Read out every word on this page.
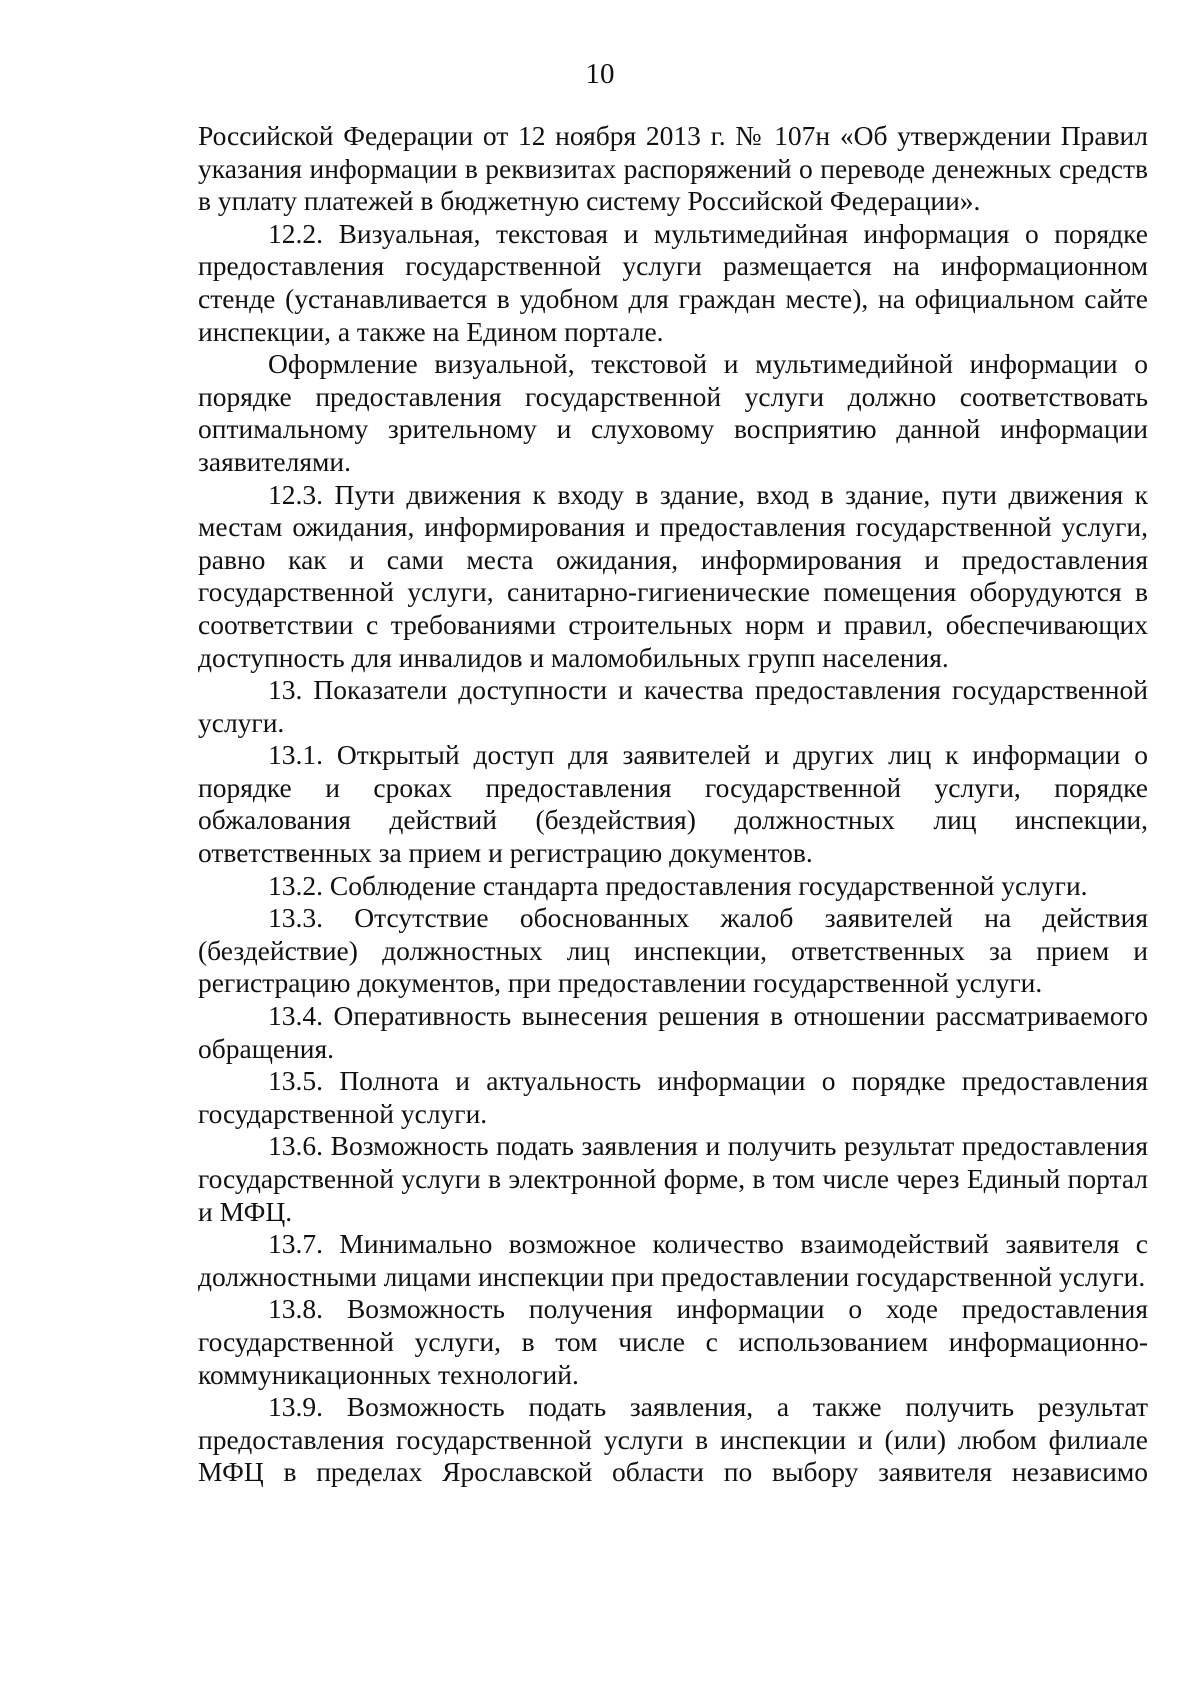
10

Российской Федерации от 12 ноября 2013 г. № 107н «Об утверждении Правил указания информации в реквизитах распоряжений о переводе денежных средств в уплату платежей в бюджетную систему Российской Федерации».

12.2. Визуальная, текстовая и мультимедийная информация о порядке предоставления государственной услуги размещается на информационном стенде (устанавливается в удобном для граждан месте), на официальном сайте инспекции, а также на Едином портале.

Оформление визуальной, текстовой и мультимедийной информации о порядке предоставления государственной услуги должно соответствовать оптимальному зрительному и слуховому восприятию данной информации заявителями.

12.3. Пути движения к входу в здание, вход в здание, пути движения к местам ожидания, информирования и предоставления государственной услуги, равно как и сами места ожидания, информирования и предоставления государственной услуги, санитарно-гигиенические помещения оборудуются в соответствии с требованиями строительных норм и правил, обеспечивающих доступность для инвалидов и маломобильных групп населения.

13. Показатели доступности и качества предоставления государственной услуги.

13.1. Открытый доступ для заявителей и других лиц к информации о порядке и сроках предоставления государственной услуги, порядке обжалования действий (бездействия) должностных лиц инспекции, ответственных за прием и регистрацию документов.

13.2. Соблюдение стандарта предоставления государственной услуги.

13.3. Отсутствие обоснованных жалоб заявителей на действия (бездействие) должностных лиц инспекции, ответственных за прием и регистрацию документов, при предоставлении государственной услуги.

13.4. Оперативность вынесения решения в отношении рассматриваемого обращения.

13.5. Полнота и актуальность информации о порядке предоставления государственной услуги.

13.6. Возможность подать заявления и получить результат предоставления государственной услуги в электронной форме, в том числе через Единый портал и МФЦ.

13.7. Минимально возможное количество взаимодействий заявителя с должностными лицами инспекции при предоставлении государственной услуги.

13.8. Возможность получения информации о ходе предоставления государственной услуги, в том числе с использованием информационно-коммуникационных технологий.

13.9. Возможность подать заявления, а также получить результат предоставления государственной услуги в инспекции и (или) любом филиале МФЦ в пределах Ярославской области по выбору заявителя независимо
